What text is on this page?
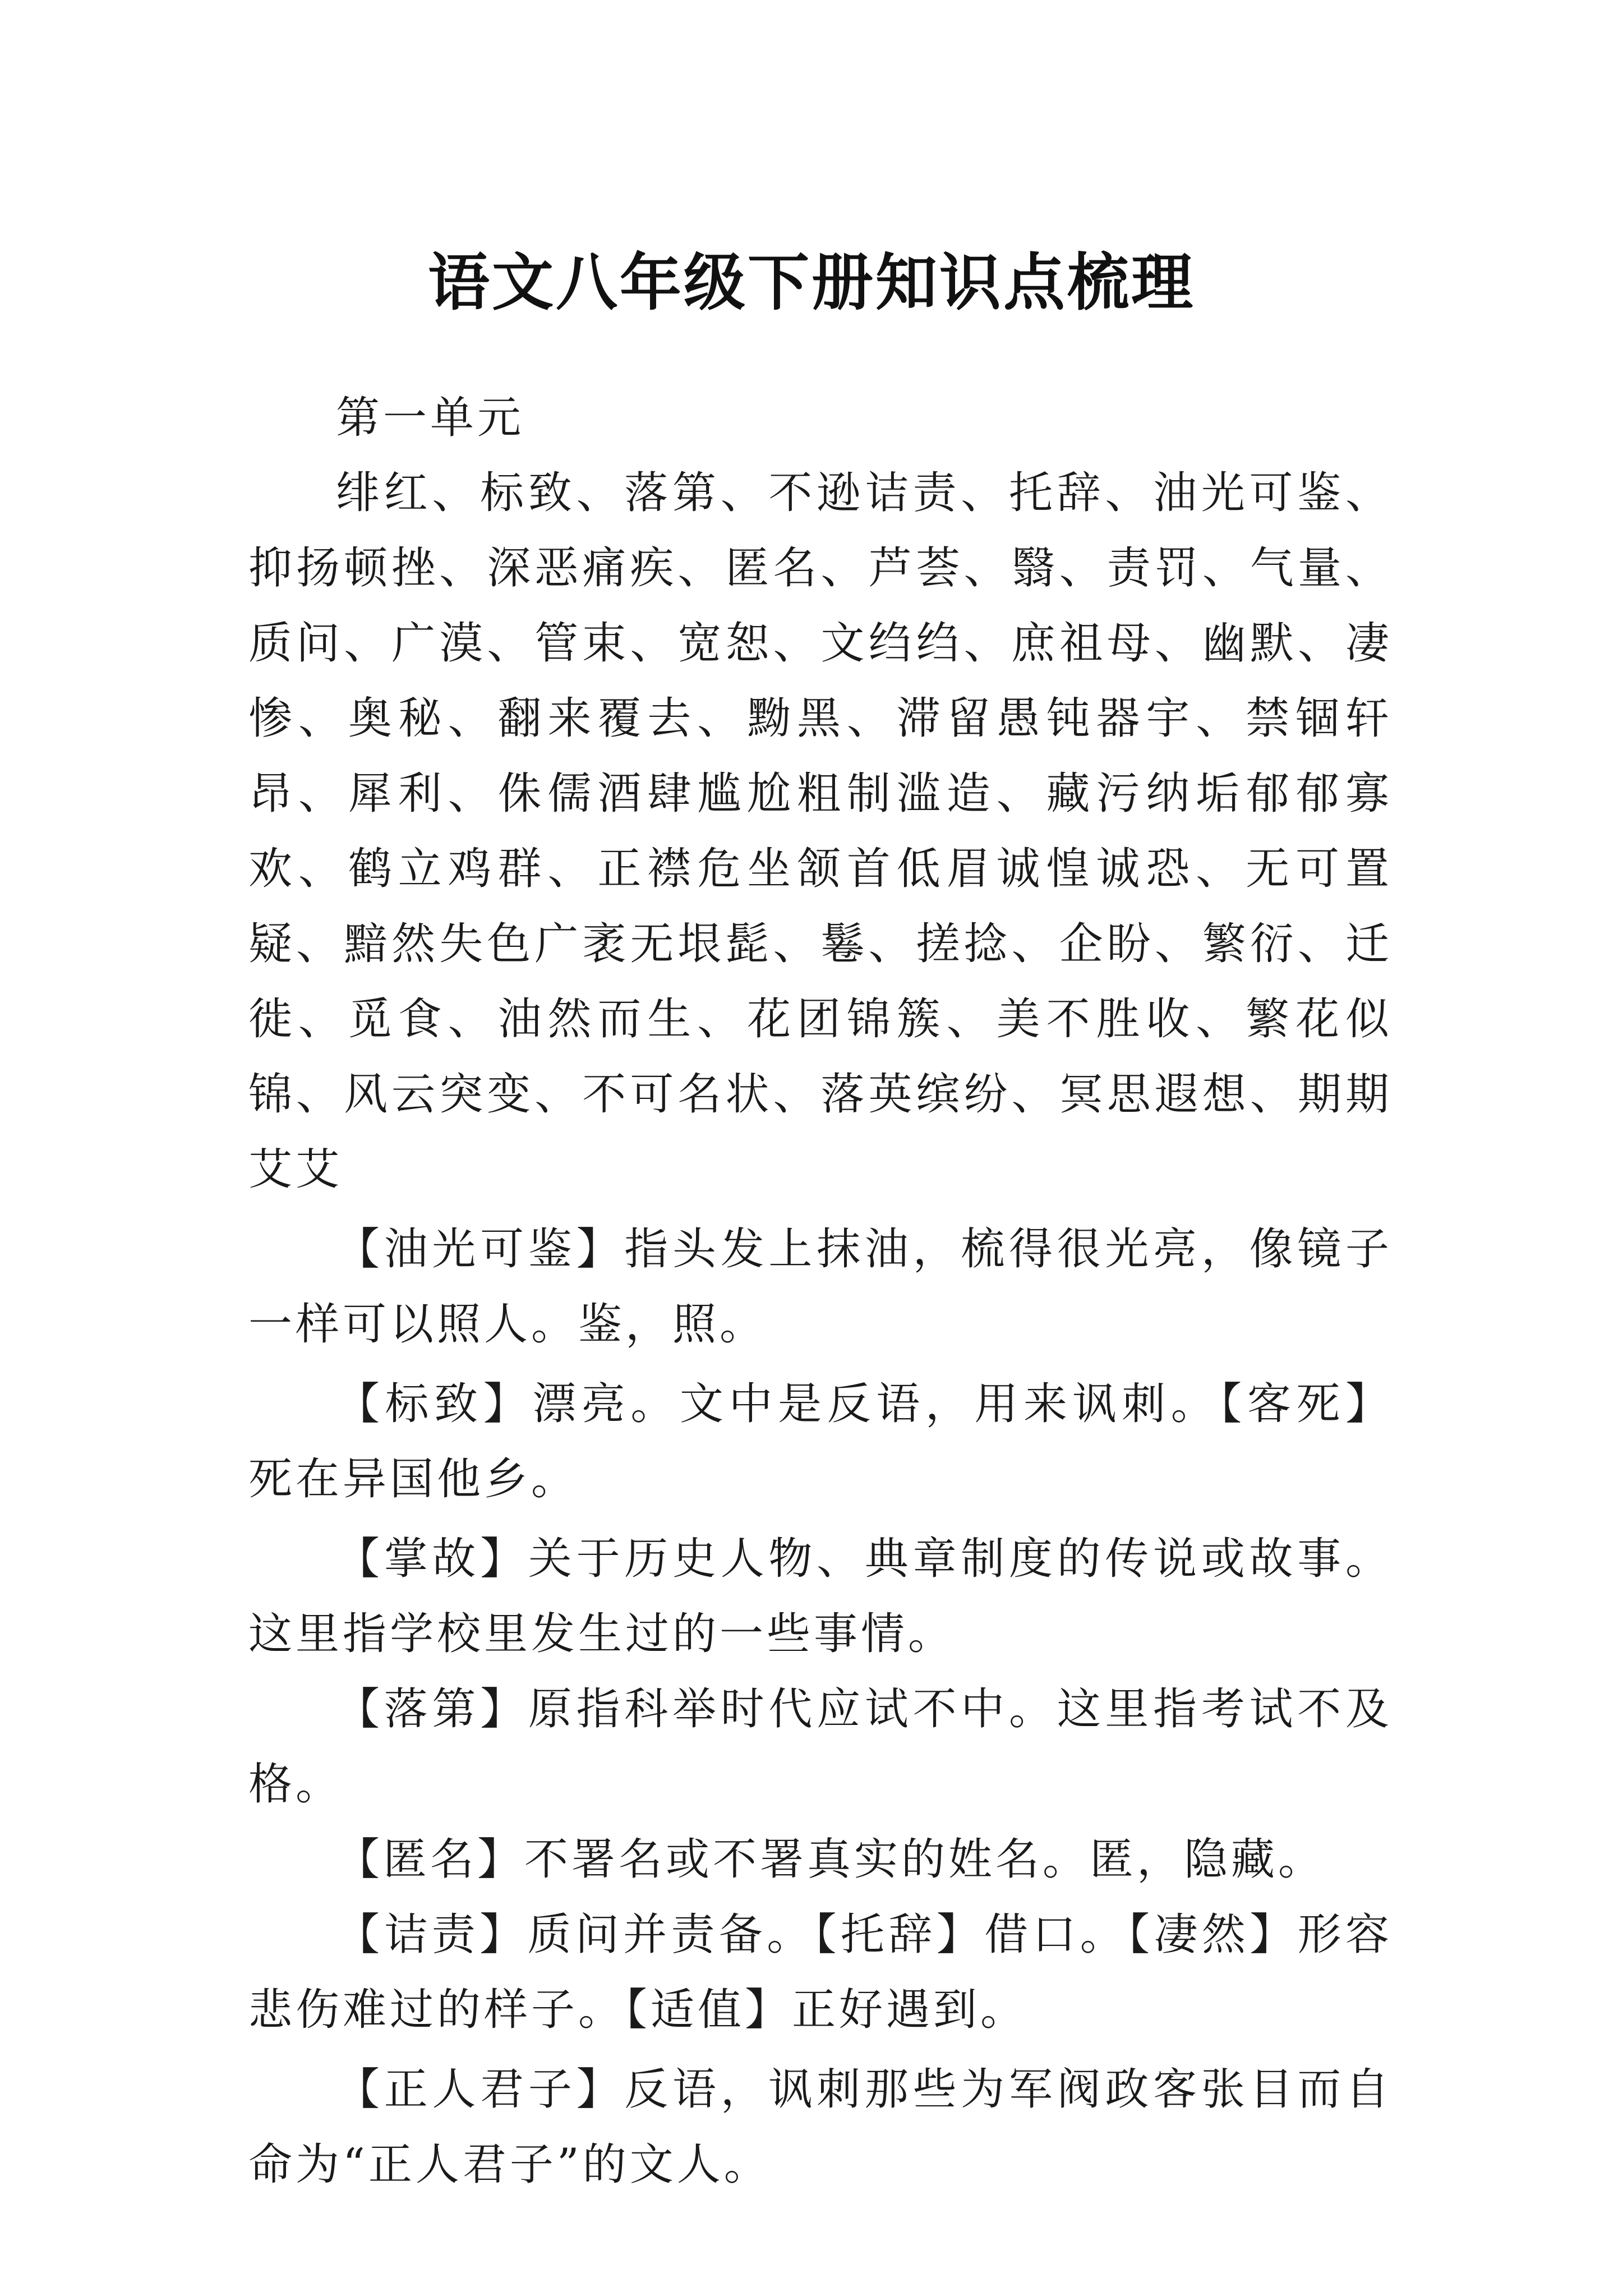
语文八年级下册知识点梳理

第一单元

绯红、标致、落第、不逊诘责、托辞、油光可鉴、抑扬顿挫、深恶痛疾、匿名、芦荟、翳、责罚、气量、质问、广漠、管束、宽恕、文绉绉、庶祖母、幽默、凄惨、奥秘、翻来覆去、黝黑、滞留愚钝器宇、禁锢轩昂、犀利、侏儒酒肆尴尬粗制滥造、藏污纳垢郁郁寡欢、鹤立鸡群、正襟危坐颔首低眉诚惶诚恐、无可置疑、黯然失色广袤无垠髭、鬈、搓捻、企盼、繁衍、迁徙、觅食、油然而生、花团锦簇、美不胜收、繁花似锦、风云突变、不可名状、落英缤纷、冥思遐想、期期艾艾

【油光可鉴】指头发上抹油，梳得很光亮，像镜子一样可以照人。鉴，照。

【标致】漂亮。文中是反语，用来讽刺。【客死】死在异国他乡。

【掌故】关于历史人物、典章制度的传说或故事。这里指学校里发生过的一些事情。

【落第】原指科举时代应试不中。这里指考试不及格。

【匿名】不署名或不署真实的姓名。匿，隐藏。

【诘责】质问并责备。【托辞】借口。【凄然】形容悲伤难过的样子。【适值】正好遇到。

【正人君子】反语，讽刺那些为军阀政客张目而自命为“正人君子”的文人。
